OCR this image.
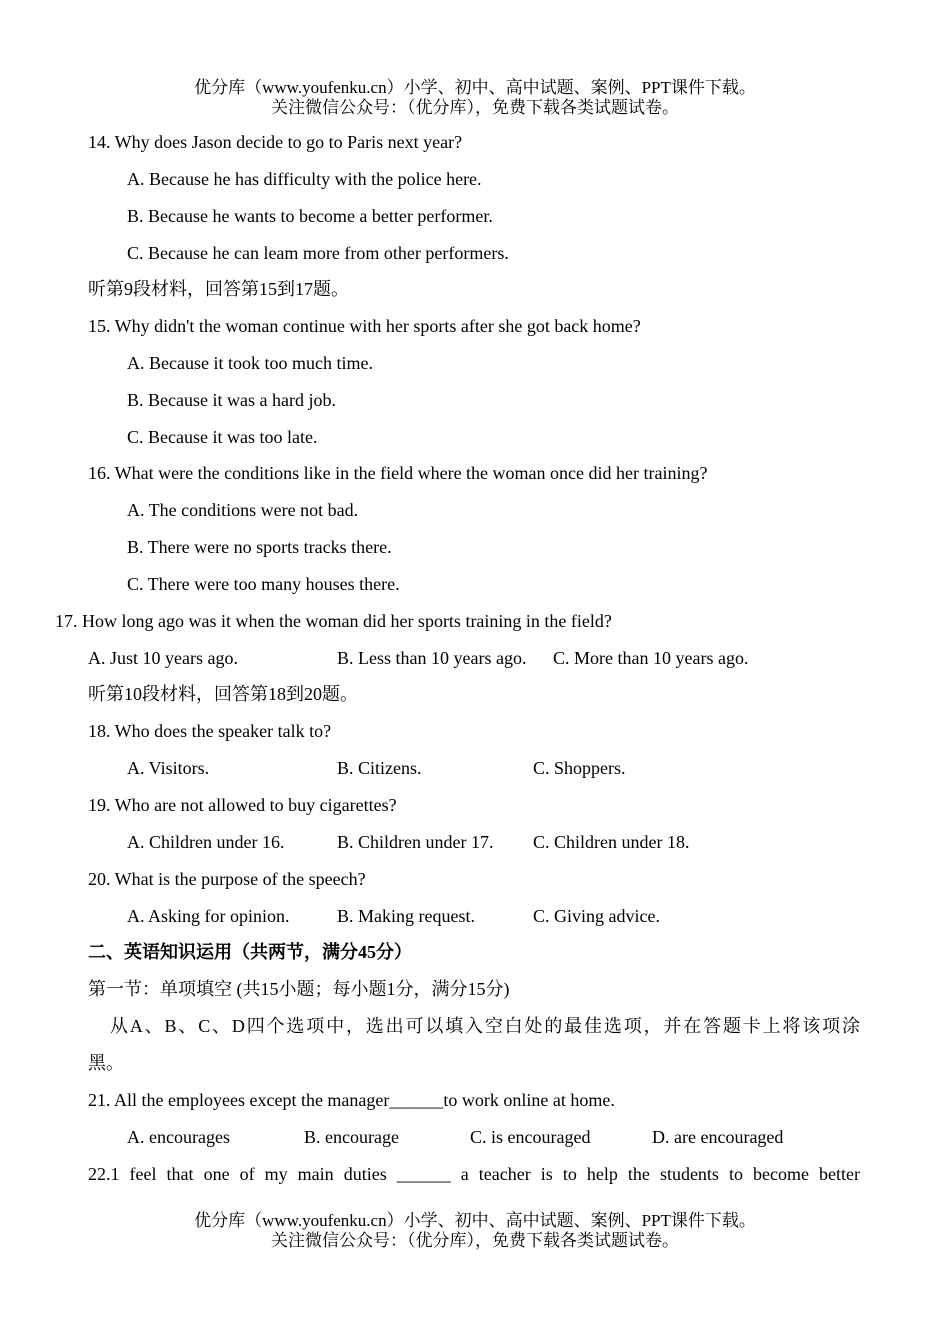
优分库（www.youfenku.cn）小学、初中、高中试题、案例、PPT课件下载。
关注微信公众号：（优分库），免费下载各类试题试卷。
14. Why does Jason decide to go to Paris next year?
A. Because he has difficulty with the police here.
B. Because he wants to become a better performer.
C. Because he can leam more from other performers.
听第9段材料，回答第15到17题。
15. Why didn't the woman continue with her sports after she got back home?
A. Because it took too much time.
B. Because it was a hard job.
C. Because it was too late.
16. What were the conditions like in the field where the woman once did her training?
A. The conditions were not bad.
B. There were no sports tracks there.
C. There were too many houses there.
17. How long ago was it when the woman did her sports training in the field?
A. Just 10 years ago.	B. Less than 10 years ago. C. More than 10 years ago.
听第10段材料，回答第18到20题。
18. Who does the speaker talk to?
A. Visitors.	B. Citizens.	C. Shoppers.
19. Who are not allowed to buy cigarettes?
A. Children under 16.	B. Children under 17. C. Children under 18.
20. What is the purpose of the speech?
A. Asking for opinion.	B. Making request.	C. Giving advice.
二、英语知识运用（共两节，满分45分）
第一节：单项填空 (共15小题；每小题1分，满分15分)
从A、B、C、D四个选项中，选出可以填入空白处的最佳选项，并在答题卡上将该项涂
黑。
21. All the employees except the manager______to work online at home.
A. encourages	B. encourage	C. is encouraged	D. are encouraged
22.1 feel that one of my main duties ______ a teacher is to help the students to become better
优分库（www.youfenku.cn）小学、初中、高中试题、案例、PPT课件下载。
关注微信公众号：（优分库），免费下载各类试题试卷。
